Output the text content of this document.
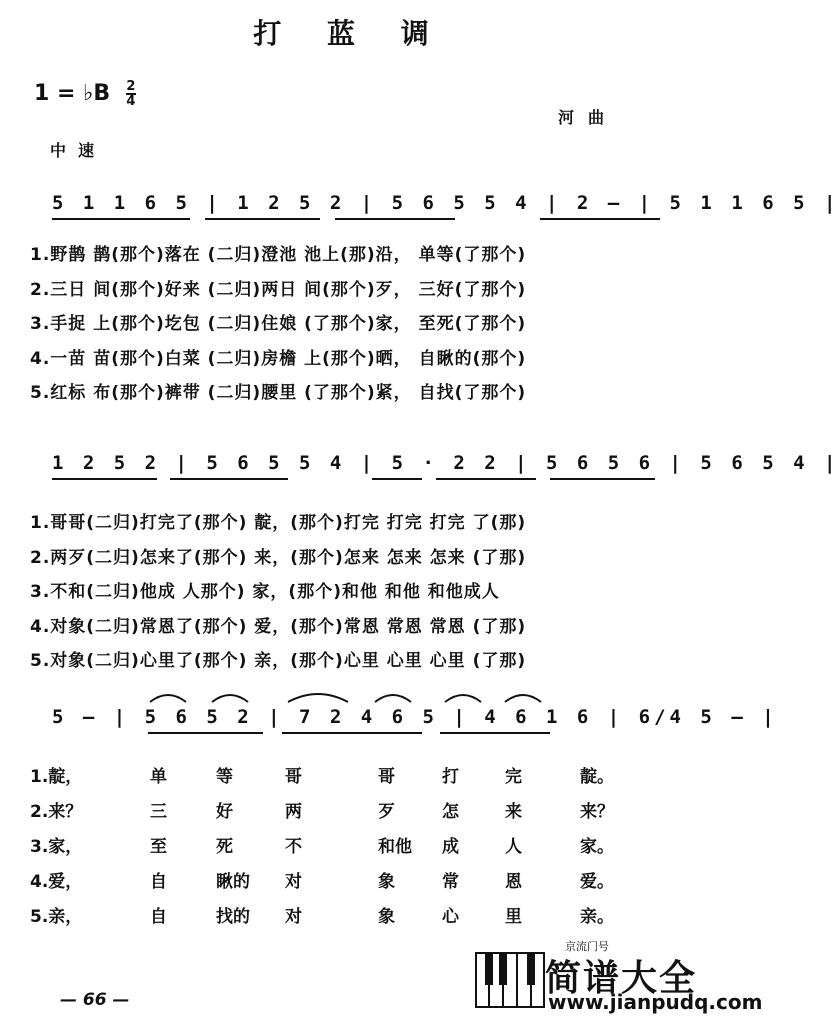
打 蓝 调
1 = ♭B $\frac{2}{4}$
河曲
中速
5 1 1 6 5 | 1 2 5 2 | 5 6 5 5 4 | 2 — | 5 1 1 6 5 |
1.野鹊 鹊(那个)落在 (二归)澄池 池上(那)沿， 单等(了那个)
2.三日 间(那个)好来 (二归)两日 间(那个)歹， 三好(了那个)
3.手捉 上(那个)圪包 (二归)住娘 (了那个)家， 至死(了那个)
4.一苗 苗(那个)白菜 (二归)房檐 上(那个)晒， 自瞅的(那个)
5.红标 布(那个)裤带 (二归)腰里 (了那个)紧， 自找(了那个)
1 2 5 2 | 5 6 5 5 4 | 5 · 2 2 | 5 6 5 6 | 5 6 5 4 |
1.哥哥(二归)打完了(那个) 靛，(那个)打完 打完 打完 了(那)
2.两歹(二归)怎来了(那个) 来，(那个)怎来 怎来 怎来 (了那)
3.不和(二归)他成 人那个) 家，(那个)和他 和他 和他成人
4.对象(二归)常恩了(那个) 爱，(那个)常恩 常恩 常恩 (了那)
5.对象(二归)心里了(那个) 亲，(那个)心里 心里 心里 (了那)
5 — | 5 6 5 2 | 7 2 4 6 5 | 4 6 1 6 | 6/4 5 — |
1.靛，
2.来？
3.家，
4.爱，
5.亲，
单
三
至
自
自
等
好
死
瞅的
找的
哥
两
不
对
对
哥
歹
和他
象
象
打
怎
成
常
心
完
来
人
恩
里
靛。
来？
家。
爱。
亲。
— 66 —
京流门号
简谱大全
www.jianpudq.com
